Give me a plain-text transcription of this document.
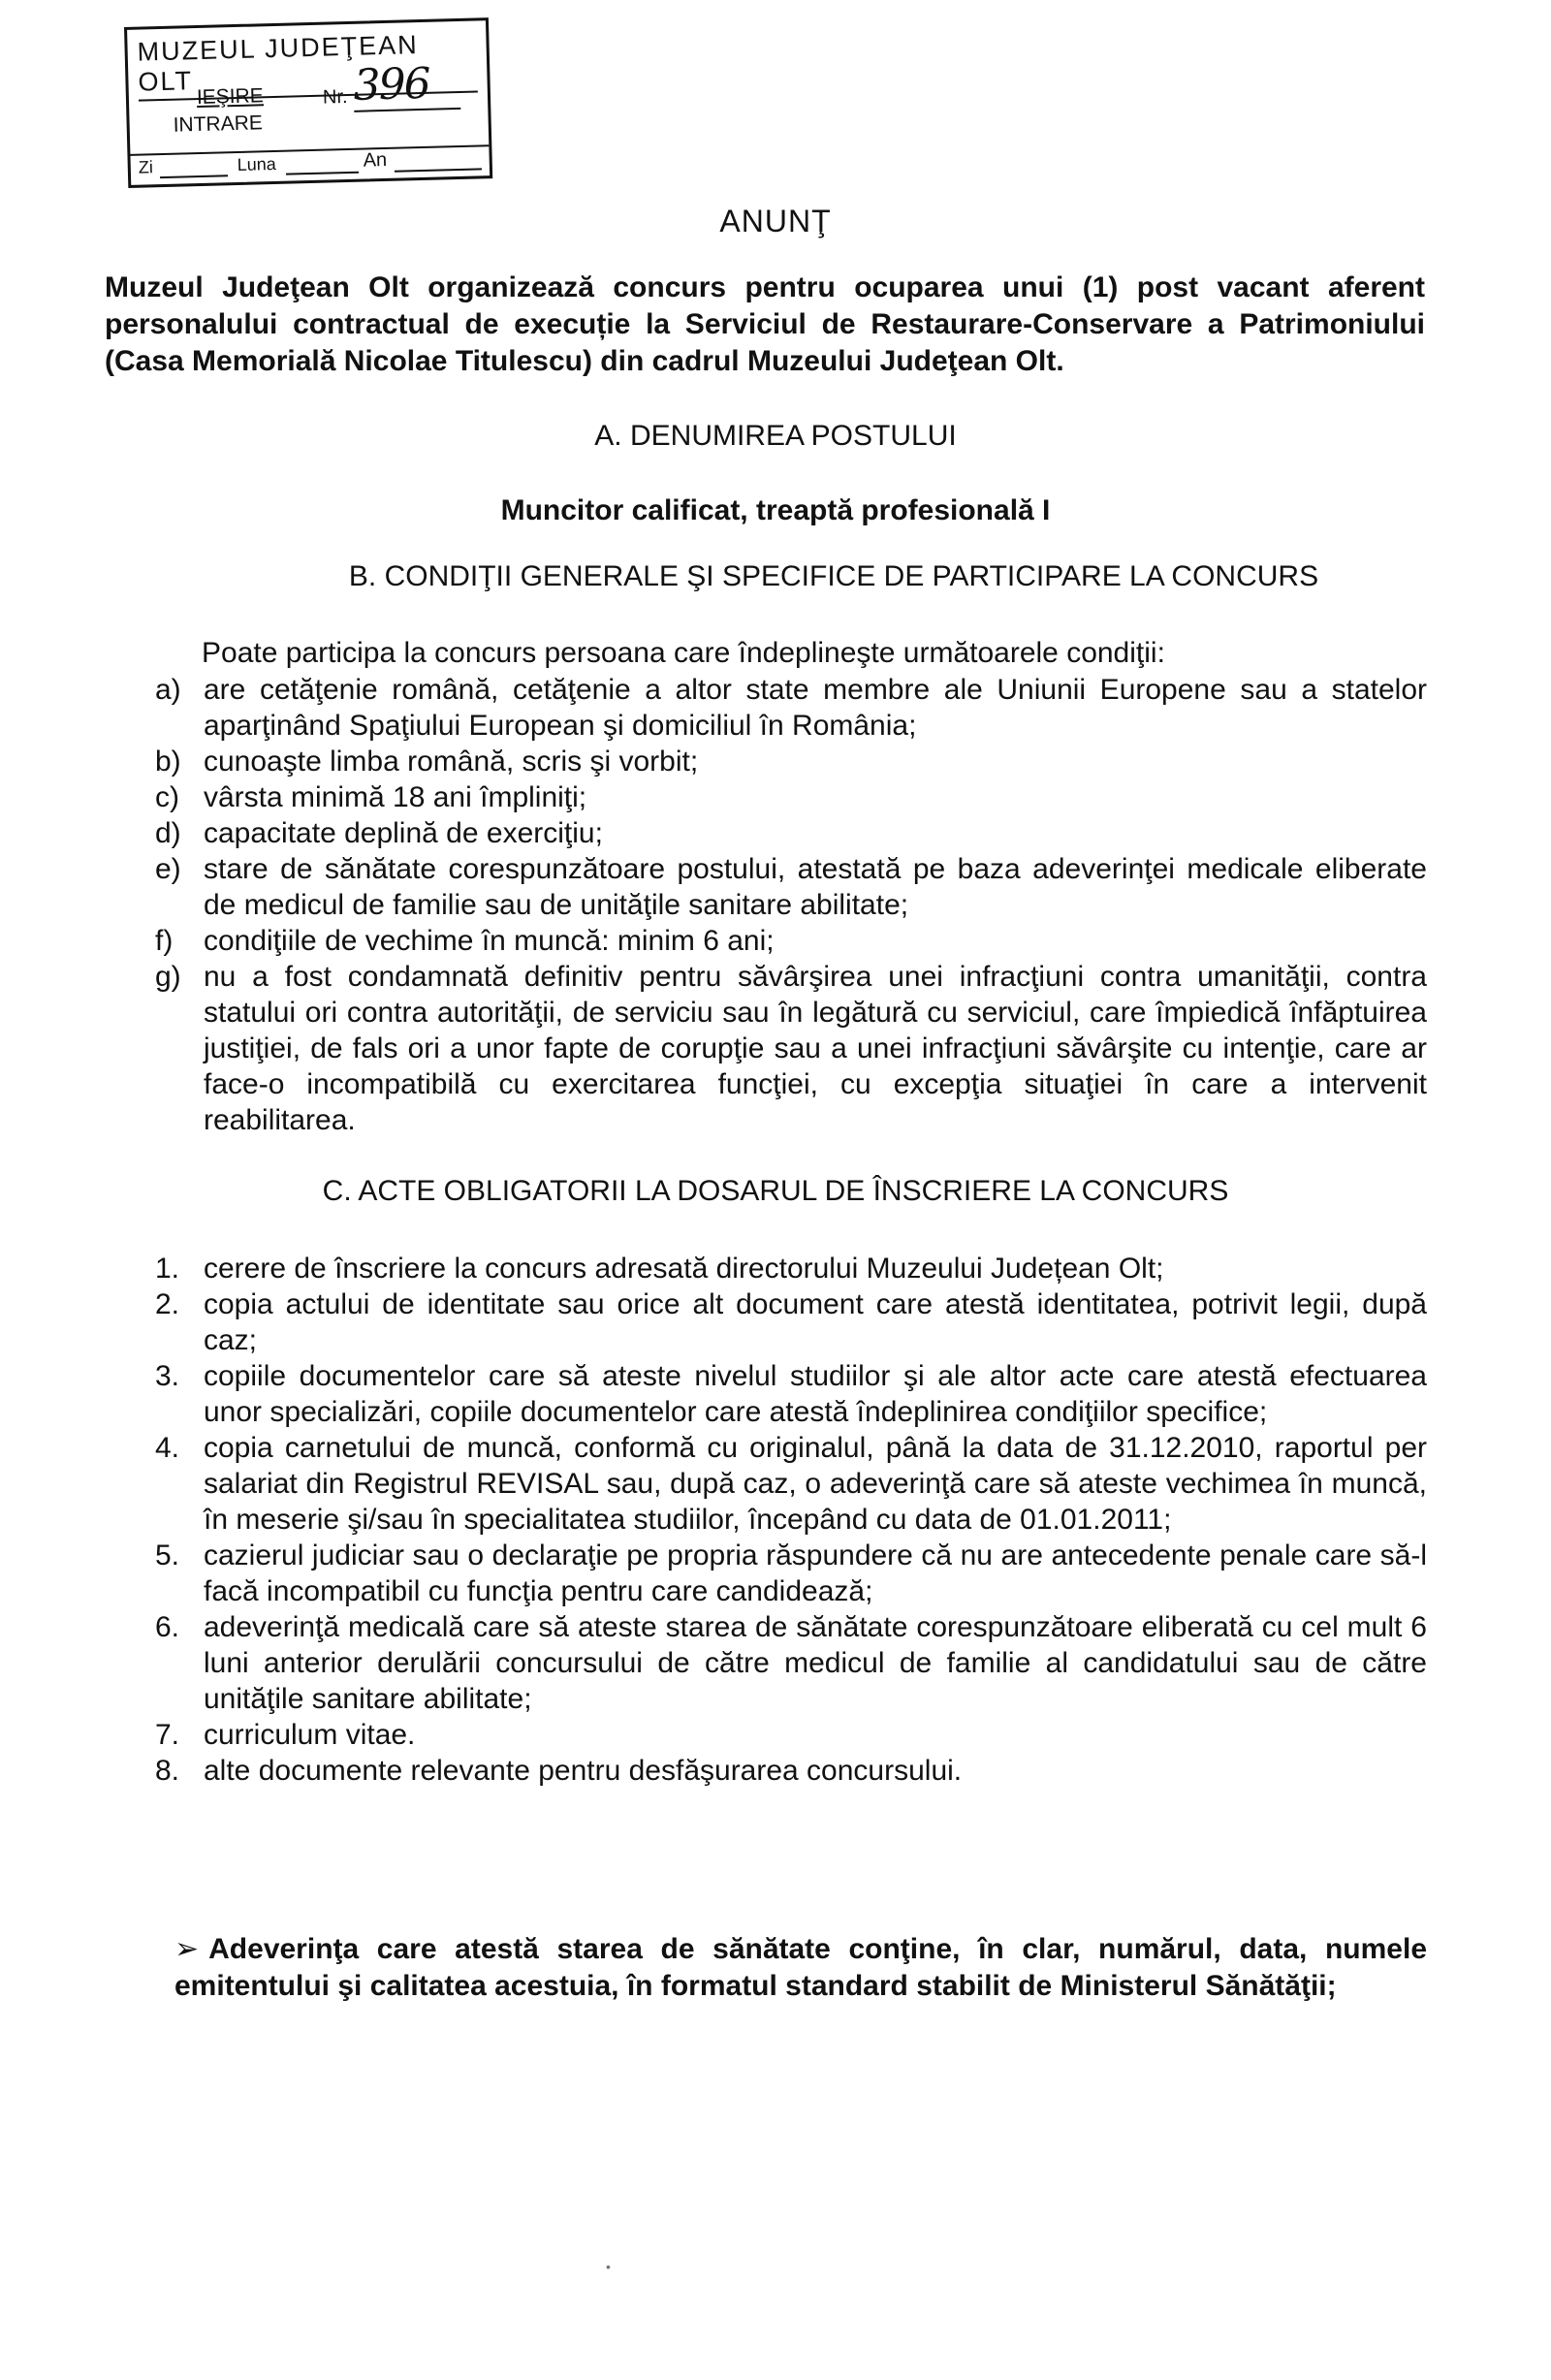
MUZEUL JUDEŢEAN OLT
IEŞIRE
INTRARE
Nr. 396
Zi	Luna	An
ANUNŢ
Muzeul Judeţean Olt organizează concurs pentru ocuparea unui (1) post vacant aferent personalului contractual de execuție la Serviciul de Restaurare-Conservare a Patrimoniului (Casa Memorială Nicolae Titulescu) din cadrul Muzeului Judeţean Olt.
A. DENUMIREA POSTULUI
Muncitor calificat, treaptă profesională I
B. CONDIŢII GENERALE ŞI SPECIFICE DE PARTICIPARE LA CONCURS
Poate participa la concurs persoana care îndeplineşte următoarele condiţii:
a) are cetăţenie română, cetăţenie a altor state membre ale Uniunii Europene sau a statelor aparţinând Spaţiului European şi domiciliul în România;
b) cunoaşte limba română, scris şi vorbit;
c) vârsta minimă 18 ani împliniţi;
d) capacitate deplină de exerciţiu;
e) stare de sănătate corespunzătoare postului, atestată pe baza adeverinţei medicale eliberate de medicul de familie sau de unităţile sanitare abilitate;
f) condiţiile de vechime în muncă: minim 6 ani;
g) nu a fost condamnată definitiv pentru săvârşirea unei infracţiuni contra umanităţii, contra statului ori contra autorităţii, de serviciu sau în legătură cu serviciul, care împiedică înfăptuirea justiţiei, de fals ori a unor fapte de corupţie sau a unei infracţiuni săvârşite cu intenţie, care ar face-o incompatibilă cu exercitarea funcţiei, cu excepţia situaţiei în care a intervenit reabilitarea.
C. ACTE OBLIGATORII LA DOSARUL DE ÎNSCRIERE LA CONCURS
1. cerere de înscriere la concurs adresată directorului Muzeului Județean Olt;
2. copia actului de identitate sau orice alt document care atestă identitatea, potrivit legii, după caz;
3. copiile documentelor care să ateste nivelul studiilor şi ale altor acte care atestă efectuarea unor specializări, copiile documentelor care atestă îndeplinirea condiţiilor specifice;
4. copia carnetului de muncă, conformă cu originalul, până la data de 31.12.2010, raportul per salariat din Registrul REVISAL sau, după caz, o adeverinţă care să ateste vechimea în muncă, în meserie şi/sau în specialitatea studiilor, începând cu data de 01.01.2011;
5. cazierul judiciar sau o declaraţie pe propria răspundere că nu are antecedente penale care să-l facă incompatibil cu funcţia pentru care candidează;
6. adeverinţă medicală care să ateste starea de sănătate corespunzătoare eliberată cu cel mult 6 luni anterior derulării concursului de către medicul de familie al candidatului sau de către unităţile sanitare abilitate;
7. curriculum vitae.
8. alte documente relevante pentru desfăşurarea concursului.
➢ Adeverinţa care atestă starea de sănătate conţine, în clar, numărul, data, numele emitentului şi calitatea acestuia, în formatul standard stabilit de Ministerul Sănătăţii;
•
